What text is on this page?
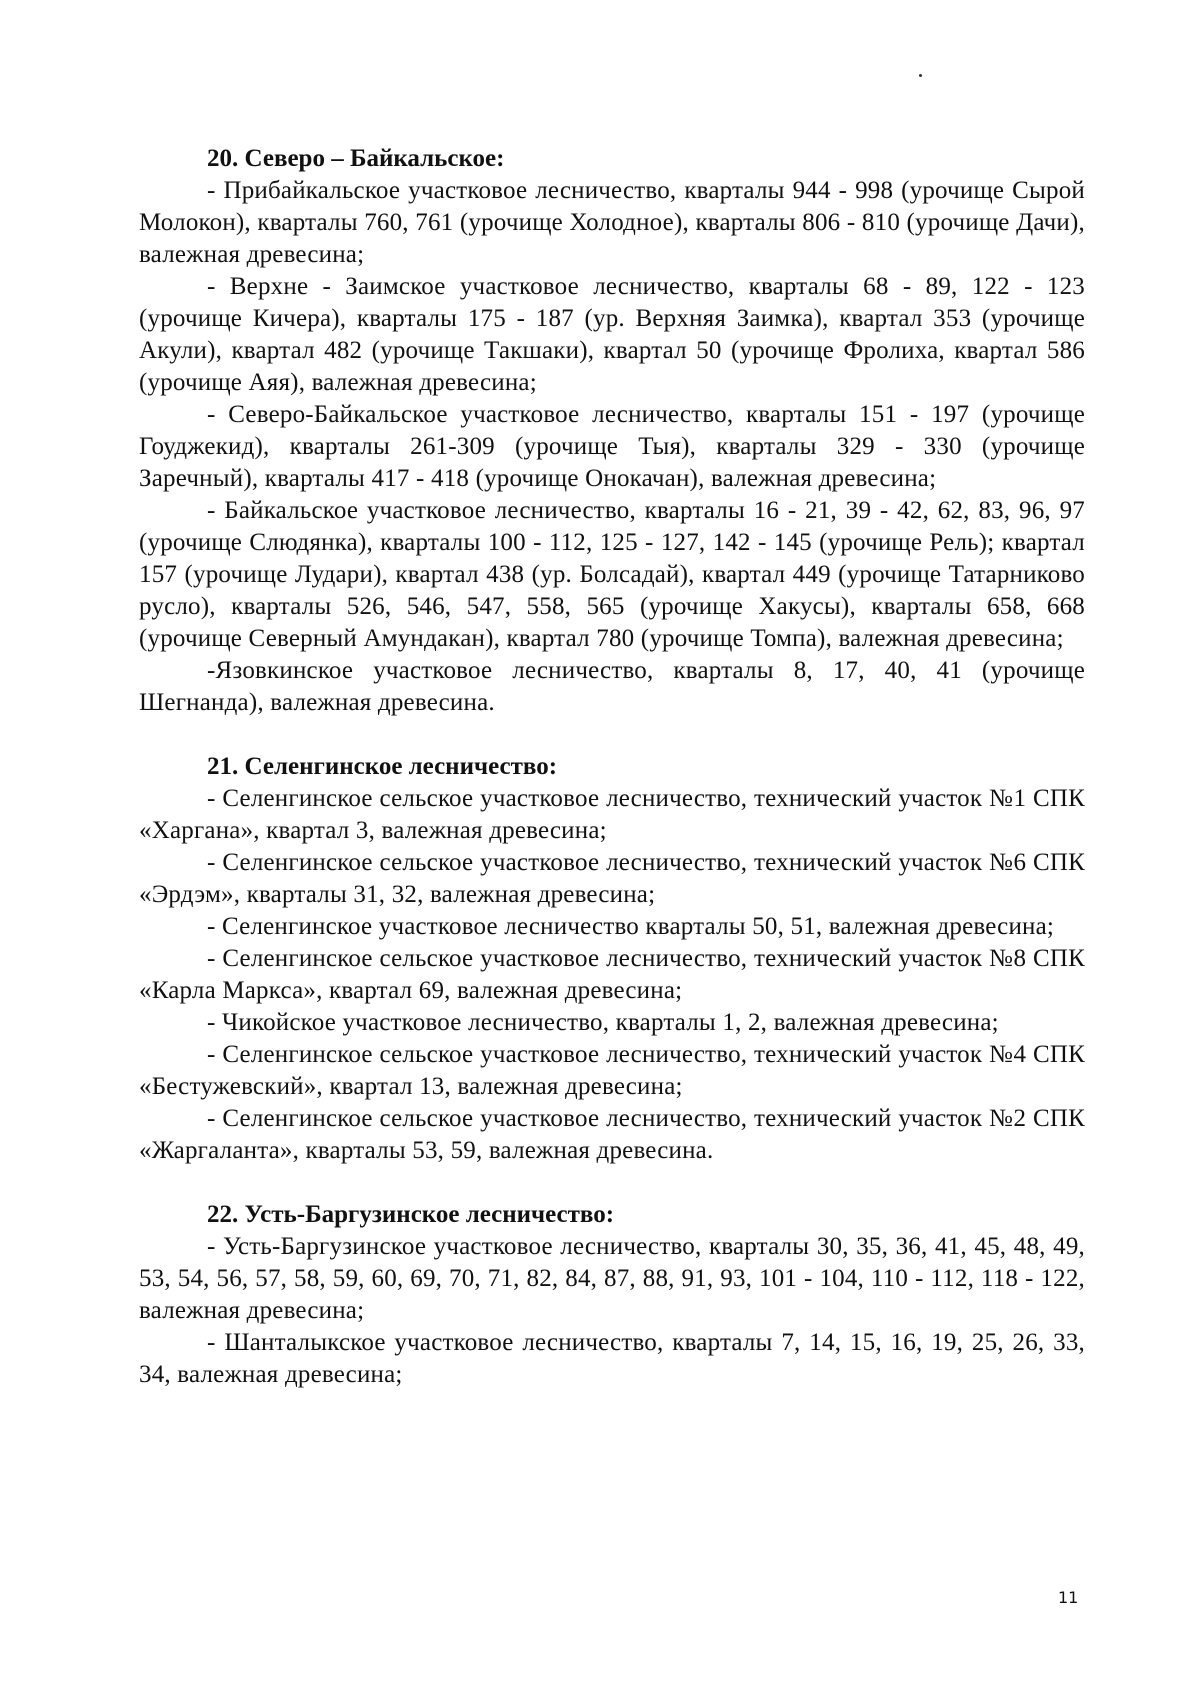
20. Северо – Байкальское:

- Прибайкальское участковое лесничество, кварталы 944 - 998 (урочище Сырой Молокон), кварталы 760, 761 (урочище Холодное), кварталы 806 - 810 (урочище Дачи), валежная древесина;

- Верхне - Заимское участковое лесничество, кварталы 68 - 89, 122 - 123 (урочище Кичера), кварталы 175 - 187 (ур. Верхняя Заимка), квартал 353 (урочище Акули), квартал 482 (урочище Такшаки), квартал 50 (урочище Фролиха, квартал 586 (урочище Аяя), валежная древесина;

- Северо-Байкальское участковое лесничество, кварталы 151 - 197 (урочище Гоуджекид), кварталы 261-309 (урочище Тыя), кварталы 329 - 330 (урочище Заречный), кварталы 417 - 418 (урочище Онокачан), валежная древесина;

- Байкальское участковое лесничество, кварталы 16 - 21, 39 - 42, 62, 83, 96, 97 (урочище Слюдянка), кварталы 100 - 112, 125 - 127, 142 - 145 (урочище Рель); квартал 157 (урочище Лудари), квартал 438 (ур. Болсадай), квартал 449 (урочище Татарниково русло), кварталы 526, 546, 547, 558, 565 (урочище Хакусы), кварталы 658, 668 (урочище Северный Амундакан), квартал 780 (урочище Томпа), валежная древесина;

-Язовкинское участковое лесничество, кварталы 8, 17, 40, 41 (урочище Шегнанда), валежная древесина.

21. Селенгинское лесничество:

- Селенгинское сельское участковое лесничество, технический участок №1 СПК «Харгана», квартал 3, валежная древесина;

- Селенгинское сельское участковое лесничество, технический участок №6 СПК «Эрдэм», кварталы 31, 32, валежная древесина;

- Селенгинское участковое лесничество кварталы 50, 51, валежная древесина;

- Селенгинское сельское участковое лесничество, технический участок №8 СПК «Карла Маркса», квартал 69, валежная древесина;

- Чикойское участковое лесничество, кварталы 1, 2, валежная древесина;

- Селенгинское сельское участковое лесничество, технический участок №4 СПК «Бестужевский», квартал 13, валежная древесина;

- Селенгинское сельское участковое лесничество, технический участок №2 СПК «Жаргаланта», кварталы 53, 59, валежная древесина.

22. Усть-Баргузинское лесничество:

- Усть-Баргузинское участковое лесничество, кварталы 30, 35, 36, 41, 45, 48, 49, 53, 54, 56, 57, 58, 59, 60, 69, 70, 71, 82, 84, 87, 88, 91, 93, 101 - 104, 110 - 112, 118 - 122, валежная древесина;

- Шанталыкское участковое лесничество, кварталы 7, 14, 15, 16, 19, 25, 26, 33, 34, валежная древесина;

11
